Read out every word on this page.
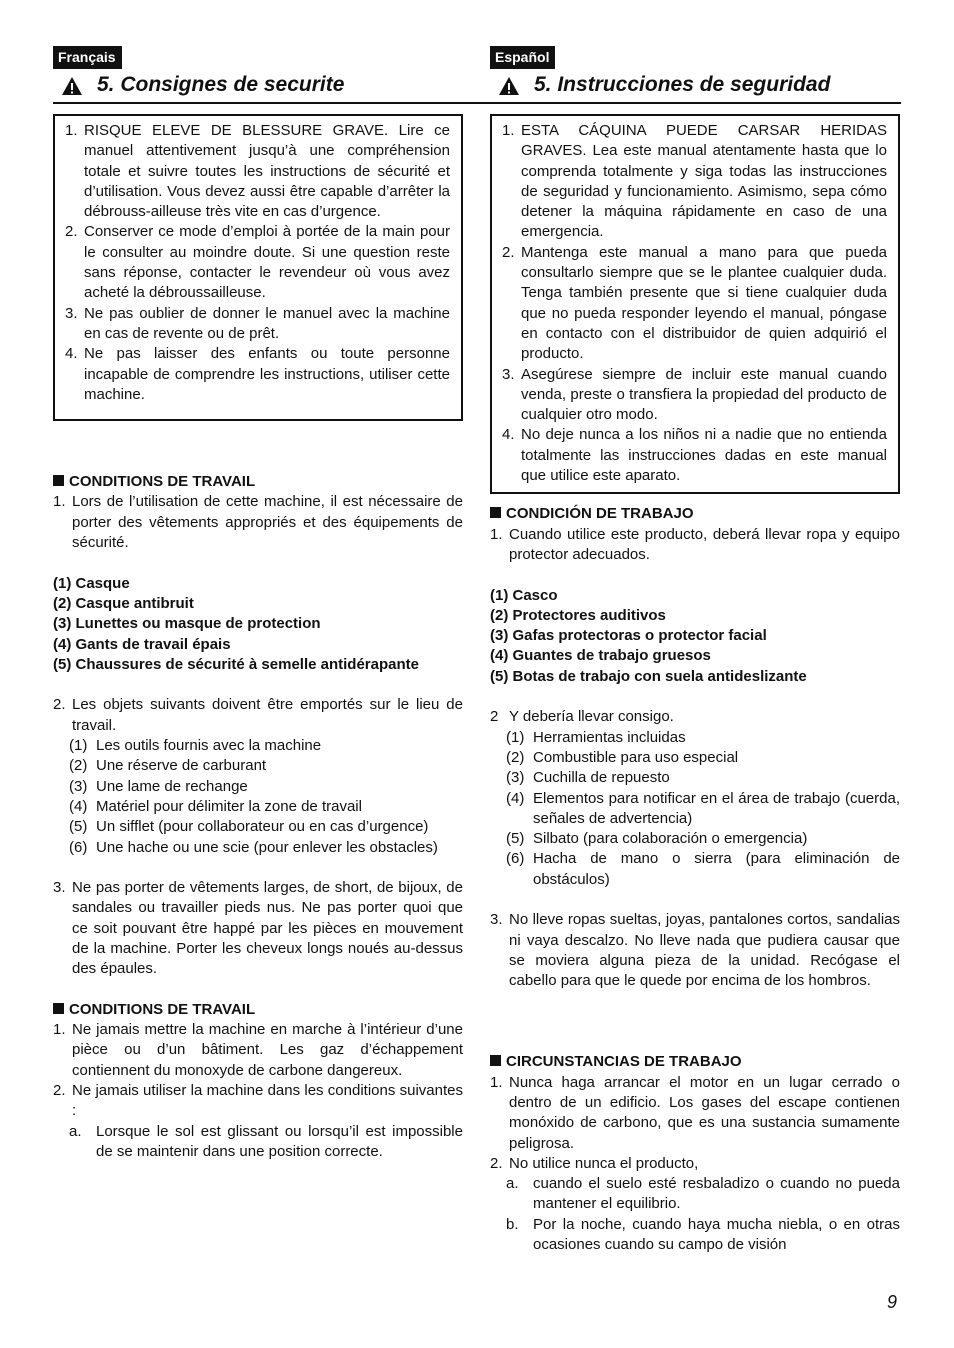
Français
5. Consignes de securite
1. RISQUE ELEVE DE BLESSURE GRAVE. Lire ce manuel attentivement jusqu’à une compréhension totale et suivre toutes les instructions de sécurité et d’utilisation. Vous devez aussi être capable d’arrêter la débrouss-ailleuse très vite en cas d’urgence.
2. Conserver ce mode d’emploi à portée de la main pour le consulter au moindre doute. Si une question reste sans réponse, contacter le revendeur où vous avez acheté la débroussailleuse.
3. Ne pas oublier de donner le manuel avec la machine en cas de revente ou de prêt.
4. Ne pas laisser des enfants ou toute personne incapable de comprendre les instructions, utiliser cette machine.
CONDITIONS DE TRAVAIL
1. Lors de l’utilisation de cette machine, il est nécessaire de porter des vêtements appropriés et des équipements de sécurité.
(1) Casque
(2) Casque antibruit
(3) Lunettes ou masque de protection
(4) Gants de travail épais
(5) Chaussures de sécurité à semelle antidérapante
2. Les objets suivants doivent être emportés sur le lieu de travail.
(1) Les outils fournis avec la machine
(2) Une réserve de carburant
(3) Une lame de rechange
(4) Matériel pour délimiter la zone de travail
(5) Un sifflet (pour collaborateur ou en cas d’urgence)
(6) Une hache ou une scie (pour enlever les obstacles)
3. Ne pas porter de vêtements larges, de short, de bijoux, de sandales ou travailler pieds nus. Ne pas porter quoi que ce soit pouvant être happé par les pièces en mouvement de la machine. Porter les cheveux longs noués au-dessus des épaules.
CONDITIONS DE TRAVAIL
1. Ne jamais mettre la machine en marche à l’intérieur d’une pièce ou d’un bâtiment. Les gaz d’échappement contiennent du monoxyde de carbone dangereux.
2. Ne jamais utiliser la machine dans les conditions suivantes :
a. Lorsque le sol est glissant ou lorsqu’il est impossible de se maintenir dans une position correcte.
Español
5. Instrucciones de seguridad
1. ESTA CÁQUINA PUEDE CARSAR HERIDAS GRAVES. Lea este manual atentamente hasta que lo comprenda totalmente y siga todas las instrucciones de seguridad y funcionamiento. Asimismo, sepa cómo detener la máquina rápidamente en caso de una emergencia.
2. Mantenga este manual a mano para que pueda consultarlo siempre que se le plantee cualquier duda. Tenga también presente que si tiene cualquier duda que no pueda responder leyendo el manual, póngase en contacto con el distribuidor de quien adquirió el producto.
3. Asegúrese siempre de incluir este manual cuando venda, preste o transfiera la propiedad del producto de cualquier otro modo.
4. No deje nunca a los niños ni a nadie que no entienda totalmente las instrucciones dadas en este manual que utilice este aparato.
CONDICIÓN DE TRABAJO
1. Cuando utilice este producto, deberá llevar ropa y equipo protector adecuados.
(1) Casco
(2) Protectores auditivos
(3) Gafas protectoras o protector facial
(4) Guantes de trabajo gruesos
(5) Botas de trabajo con suela antideslizante
2 Y debería llevar consigo.
(1) Herramientas incluidas
(2) Combustible para uso especial
(3) Cuchilla de repuesto
(4) Elementos para notificar en el área de trabajo (cuerda, señales de advertencia)
(5) Silbato (para colaboración o emergencia)
(6) Hacha de mano o sierra (para eliminación de obstáculos)
3. No lleve ropas sueltas, joyas, pantalones cortos, sandalias ni vaya descalzo. No lleve nada que pudiera causar que se moviera alguna pieza de la unidad. Recógase el cabello para que le quede por encima de los hombros.
CIRCUNSTANCIAS DE TRABAJO
1. Nunca haga arrancar el motor en un lugar cerrado o dentro de un edificio. Los gases del escape contienen monóxido de carbono, que es una sustancia sumamente peligrosa.
2. No utilice nunca el producto,
a. cuando el suelo esté resbaladizo o cuando no pueda mantener el equilibrio.
b. Por la noche, cuando haya mucha niebla, o en otras ocasiones cuando su campo de visión
9
